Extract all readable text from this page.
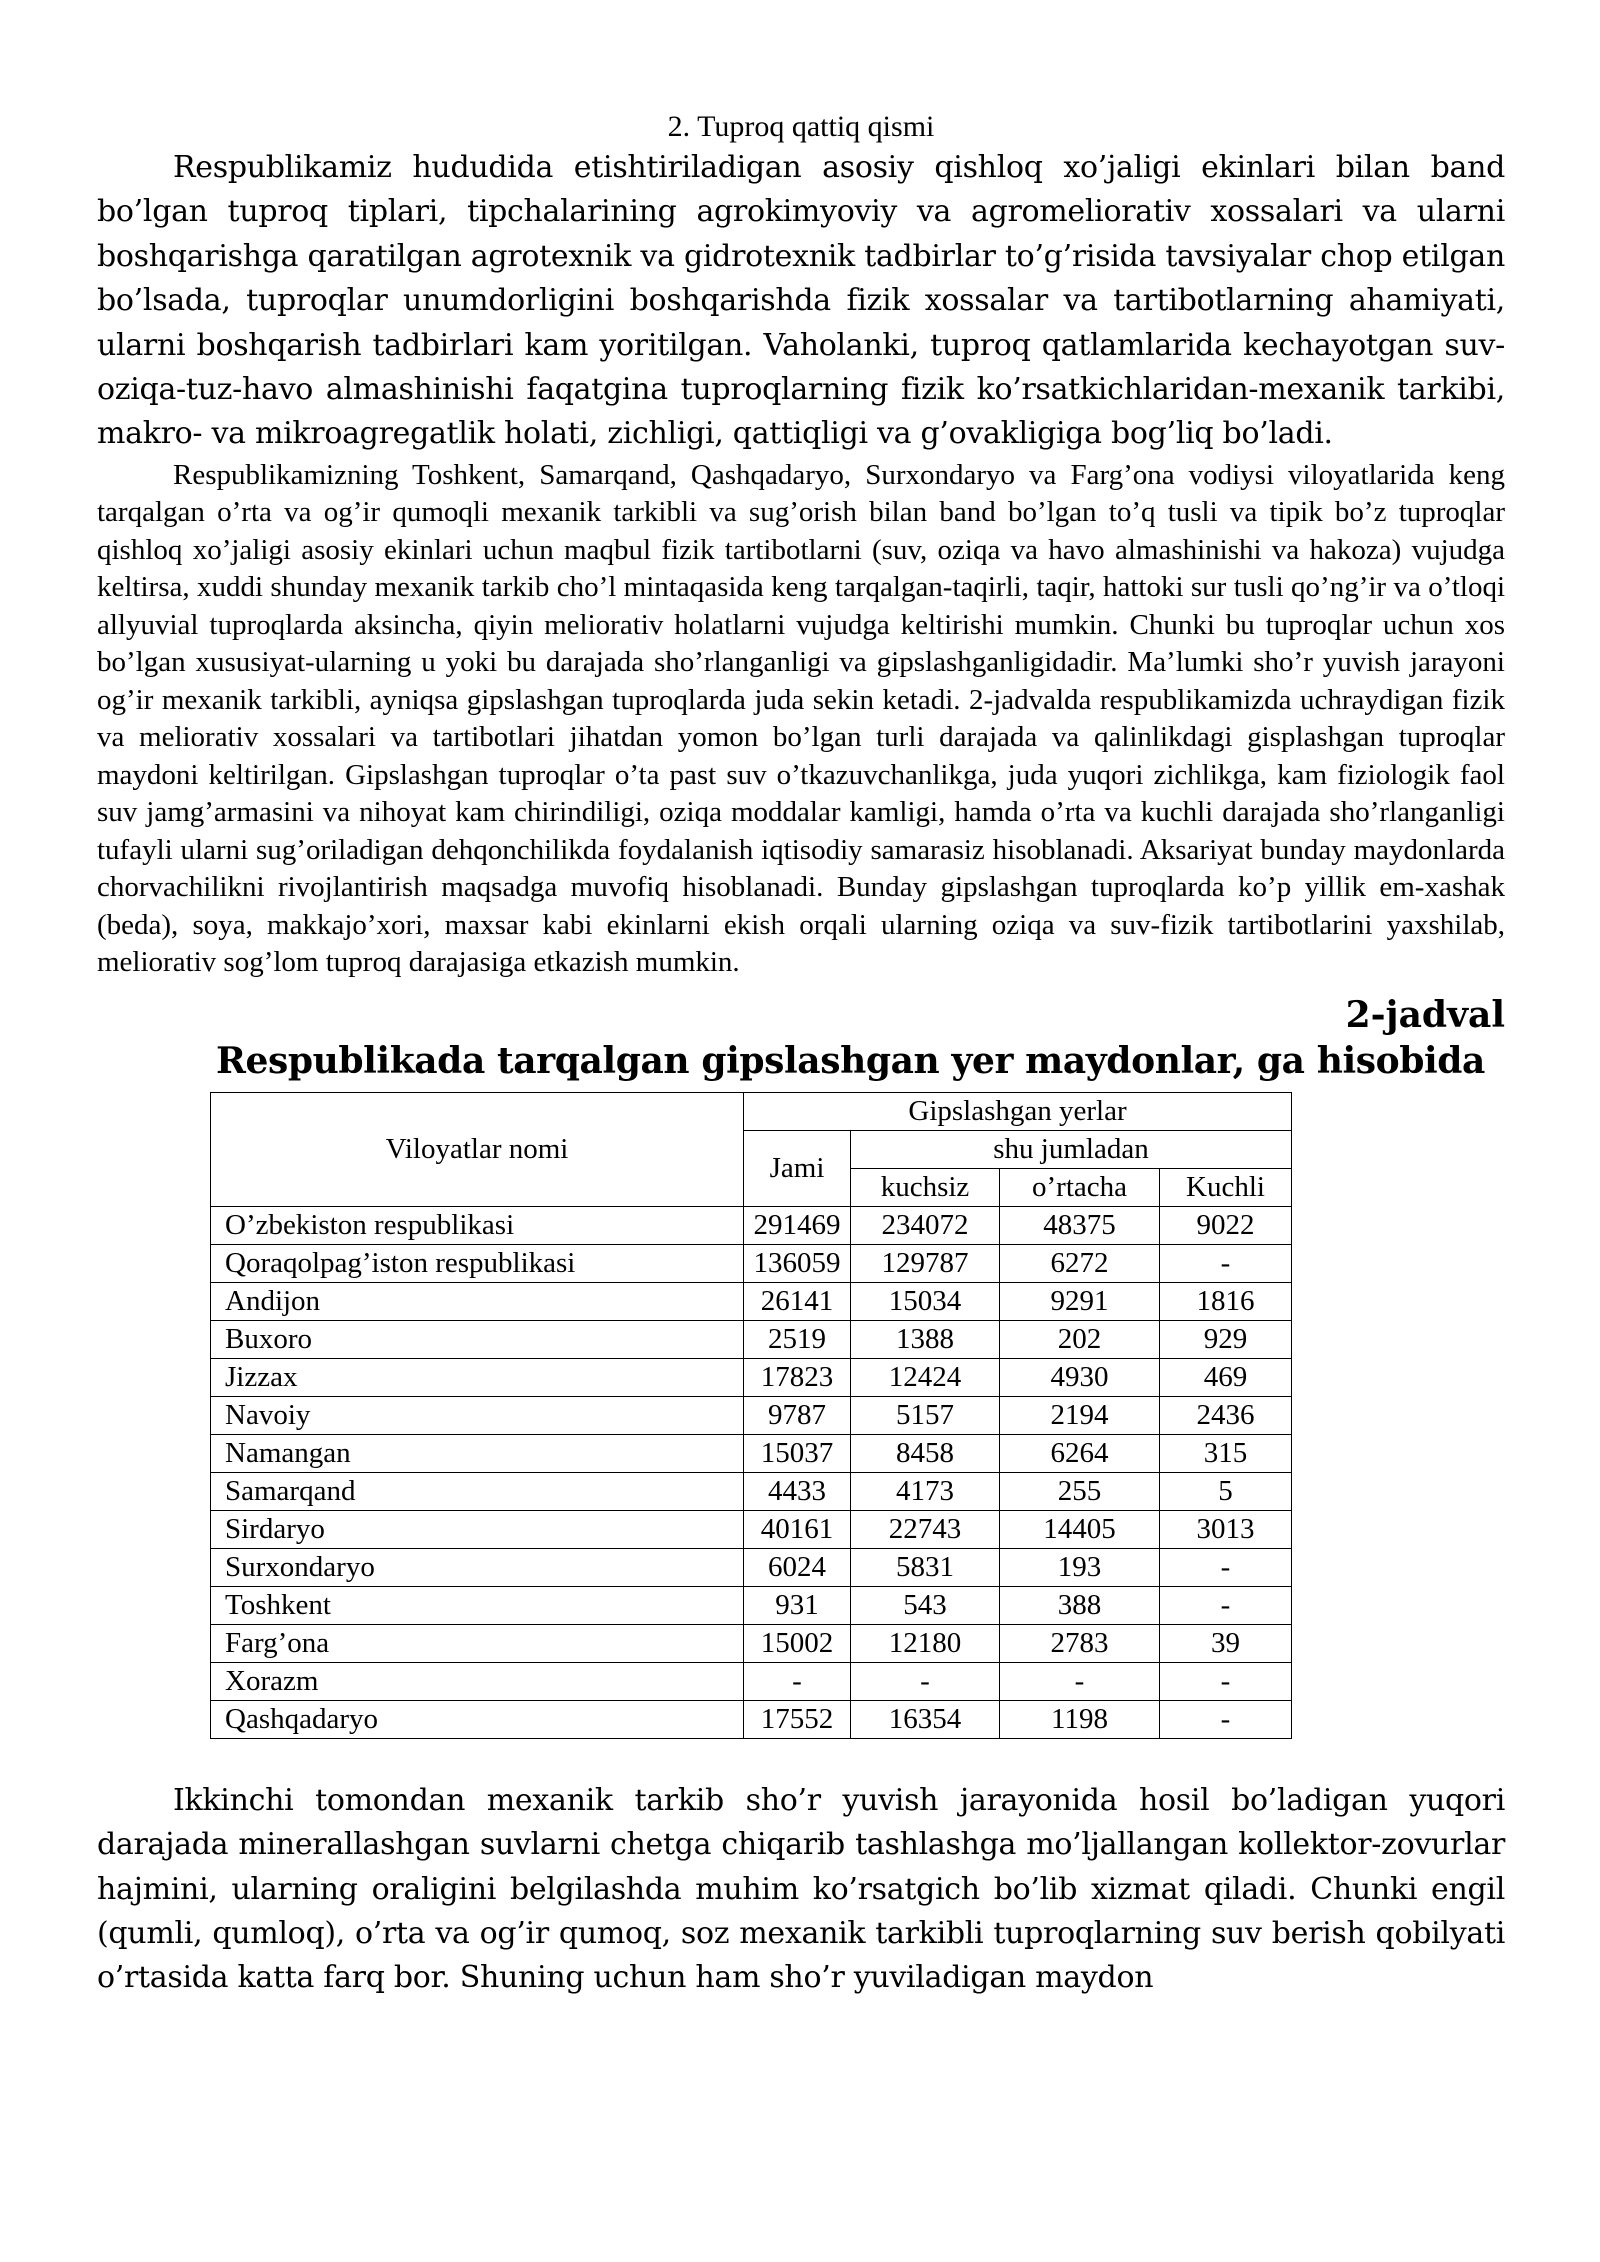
2. Tuproq qattiq qismi

Respublikamiz hududida etishtiriladigan asosiy qishloq xo’jaligi ekinlari bilan band bo’lgan tuproq tiplari, tipchalarining agrokimyoviy va agromeliorativ xossalari va ularni boshqarishga qaratilgan agrotexnik va gidrotexnik tadbirlar to’g’risida tavsiyalar chop etilgan bo’lsada, tuproqlar unumdorligini boshqarishda fizik xossalar va tartibotlarning ahamiyati, ularni boshqarish tadbirlari kam yoritilgan. Vaholanki, tuproq qatlamlarida kechayotgan suv-oziqa-tuz-havo almashinishi faqatgina tuproqlarning fizik ko’rsatkichlaridan-mexanik tarkibi, makro- va mikroagregatlik holati, zichligi, qattiqligi va g’ovakligiga bog’liq bo’ladi.

Respublikamizning Toshkent, Samarqand, Qashqadaryo, Surxondaryo va Farg’ona vodiysi viloyatlarida keng tarqalgan o’rta va og’ir qumoqli mexanik tarkibli va sug’orish bilan band bo’lgan to’q tusli va tipik bo’z tuproqlar qishloq xo’jaligi asosiy ekinlari uchun maqbul fizik tartibotlarni (suv, oziqa va havo almashinishi va hakoza) vujudga keltirsa, xuddi shunday mexanik tarkib cho’l mintaqasida keng tarqalgan-taqirli, taqir, hattoki sur tusli qo’ng’ir va o’tloqi allyuvial tuproqlarda aksincha, qiyin meliorativ holatlarni vujudga keltirishi mumkin. Chunki bu tuproqlar uchun xos bo’lgan xususiyat-ularning u yoki bu darajada sho’rlanganligi va gipslashganligidadir. Ma’lumki sho’r yuvish jarayoni og’ir mexanik tarkibli, ayniqsa gipslashgan tuproqlarda juda sekin ketadi. 2-jadvalda respublikamizda uchraydigan fizik va meliorativ xossalari va tartibotlari jihatdan yomon bo’lgan turli darajada va qalinlikdagi gisplashgan tuproqlar maydoni keltirilgan. Gipslashgan tuproqlar o’ta past suv o’tkazuvchanlikga, juda yuqori zichlikga, kam fiziologik faol suv jamg’armasini va nihoyat kam chirindiligi, oziqa moddalar kamligi, hamda o’rta va kuchli darajada sho’rlanganligi tufayli ularni sug’oriladigan dehqonchilikda foydalanish iqtisodiy samarasiz hisoblanadi. Aksariyat bunday maydonlarda chorvachilikni rivojlantirish maqsadga muvofiq hisoblanadi. Bunday gipslashgan tuproqlarda ko’p yillik em-xashak (beda), soya, makkajo’xori, maxsar kabi ekinlarni ekish orqali ularning oziqa va suv-fizik tartibotlarini yaxshilab, meliorativ sog’lom tuproq darajasiga etkazish mumkin.

2-jadval

Respublikada tarqalgan gipslashgan yer maydonlar, ga hisobida

Viloyatlar nomi	Gipslashgan yerlar			
	Jami	shu jumladan		
		kuchsiz	o’rtacha	Kuchli
O’zbekiston respublikasi	291469	234072	48375	9022
Qoraqolpag’iston respublikasi	136059	129787	6272	-
Andijon	26141	15034	9291	1816
Buxoro	2519	1388	202	929
Jizzax	17823	12424	4930	469
Navoiy	9787	5157	2194	2436
Namangan	15037	8458	6264	315
Samarqand	4433	4173	255	5
Sirdaryo	40161	22743	14405	3013
Surxondaryo	6024	5831	193	-
Toshkent	931	543	388	-
Farg’ona	15002	12180	2783	39
Xorazm	-	-	-	-
Qashqadaryo	17552	16354	1198	-

Ikkinchi tomondan mexanik tarkib sho’r yuvish jarayonida hosil bo’ladigan yuqori darajada minerallashgan suvlarni chetga chiqarib tashlashga mo’ljallangan kollektor-zovurlar hajmini, ularning oraligini belgilashda muhim ko’rsatgich bo’lib xizmat qiladi. Chunki engil (qumli, qumloq), o’rta va og’ir qumoq, soz mexanik tarkibli tuproqlarning suv berish qobilyati o’rtasida katta farq bor. Shuning uchun ham sho’r yuviladigan maydon
